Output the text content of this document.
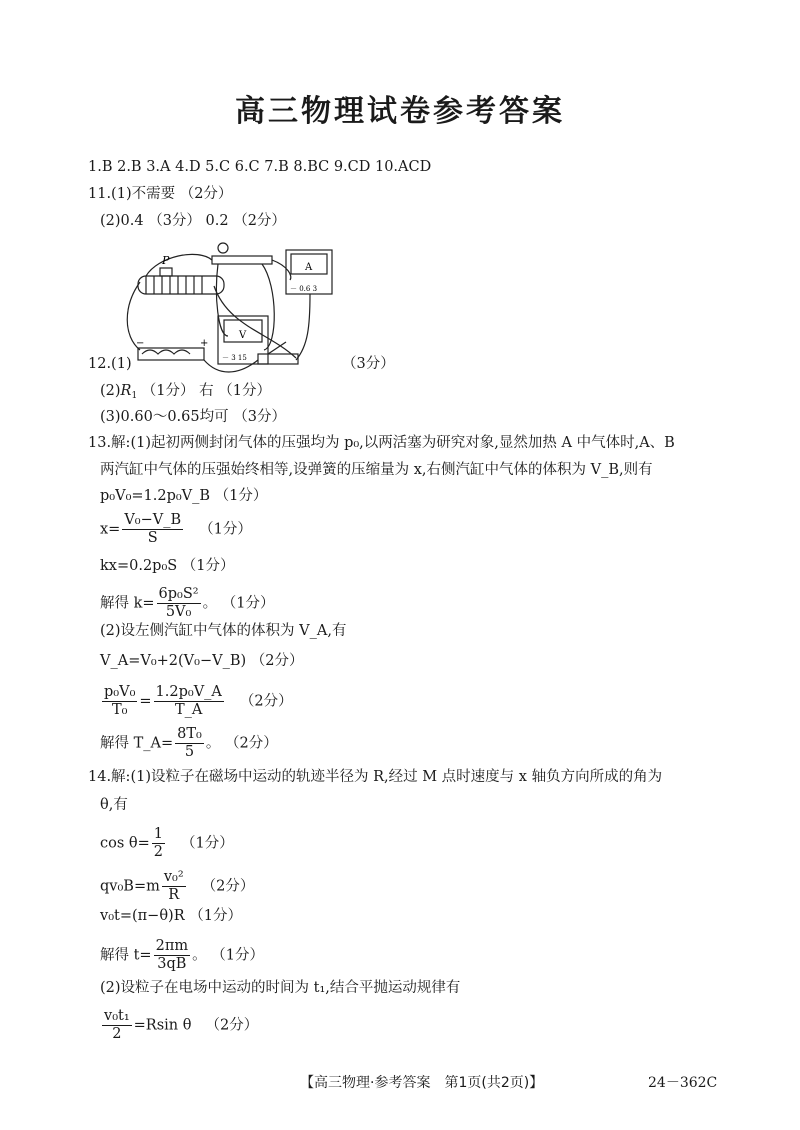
高三物理试卷参考答案
1.B 2.B 3.A 4.D 5.C 6.C 7.B 8.BC 9.CD 10.ACD
11.(1)不需要 （2分）
(2)0.4 （3分） 0.2 （2分）
P
V
A
－ 3 15
－ 0.6 3
−	+
12.(1)	（3分）
$(2)R_1$ （1分） 右 （1分）
(3)0.60～0.65均可 （3分）
13.解:(1)起初两侧封闭气体的压强均为 p₀,以两活塞为研究对象,显然加热 A 中气体时,A、B
两汽缸中气体的压强始终相等,设弹簧的压缩量为 x,右侧汽缸中气体的体积为 V_B,则有
p₀V₀=1.2p₀V_B （1分）
$x= \frac{\text{V₀−V\_B}}{S} (1$分）
kx=0.2p₀S （1分）
解得 $k= \frac{\text{6p₀S²}}{\text{5V₀}}$ 。 （1分）
(2)设左侧汽缸中气体的体积为 V_A,有
V_A=V₀+2(V₀−V_B) （2分）
$\frac{\text{p₀V₀}}{\text{T₀}} = \frac{\text{1.2p₀V\_A}}{T\_A} (2$分）
解得 T_A= $\frac{\text{8T₀}}{5}$ 。 （2分）
14.解:(1)设粒子在磁场中运动的轨迹半径为 R,经过 M 点时速度与 x 轴负方向所成的角为
θ,有
$\cos \theta= \frac{1}{2} (1$分）
$qv_0B=m \frac{\text{v₀²}}{R} (2$分）
v₀t=(π−θ)R （1分）
解得 $t= \frac{2\pi m}{3qB}$ 。 （1分）
(2)设粒子在电场中运动的时间为 t₁,结合平抛运动规律有
$\frac{\text{v₀t₁}}{2} =Rsin$ θ （2分）
【高三物理·参考答案　第1页(共2页)】	24－362C
